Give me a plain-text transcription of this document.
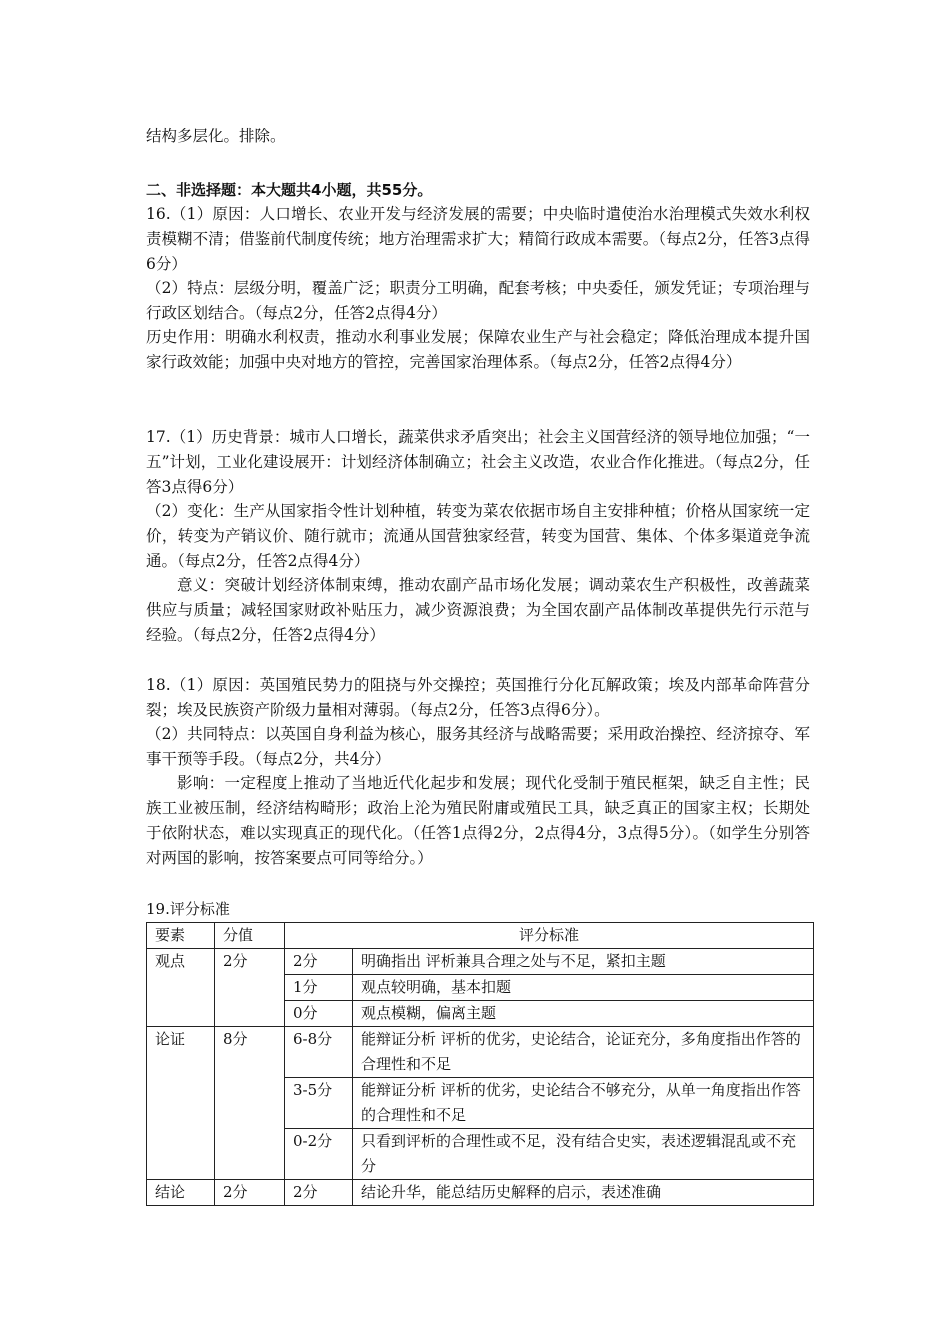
结构多层化。排除。

二、非选择题：本大题共4小题，共55分。

16.（1）原因：人口增长、农业开发与经济发展的需要；中央临时遣使治水治理模式失效水利权责模糊不清；借鉴前代制度传统；地方治理需求扩大；精简行政成本需要。（每点2分，任答3点得6分）

（2）特点：层级分明，覆盖广泛；职责分工明确，配套考核；中央委任，颁发凭证；专项治理与行政区划结合。（每点2分，任答2点得4分）

历史作用：明确水利权责，推动水利事业发展；保障农业生产与社会稳定；降低治理成本提升国家行政效能；加强中央对地方的管控，完善国家治理体系。（每点2分，任答2点得4分）

17.（1）历史背景：城市人口增长，蔬菜供求矛盾突出；社会主义国营经济的领导地位加强；“一五”计划，工业化建设展开：计划经济体制确立；社会主义改造，农业合作化推进。（每点2分，任答3点得6分）

（2）变化：生产从国家指令性计划种植，转变为菜农依据市场自主安排种植；价格从国家统一定价，转变为产销议价、随行就市；流通从国营独家经营，转变为国营、集体、个体多渠道竞争流通。（每点2分，任答2点得4分）

意义：突破计划经济体制束缚，推动农副产品市场化发展；调动菜农生产积极性，改善蔬菜供应与质量；减轻国家财政补贴压力，减少资源浪费；为全国农副产品体制改革提供先行示范与经验。（每点2分，任答2点得4分）

18.（1）原因：英国殖民势力的阻挠与外交操控；英国推行分化瓦解政策；埃及内部革命阵营分裂；埃及民族资产阶级力量相对薄弱。（每点2分，任答3点得6分）。

（2）共同特点：以英国自身利益为核心，服务其经济与战略需要；采用政治操控、经济掠夺、军事干预等手段。（每点2分，共4分）

影响：一定程度上推动了当地近代化起步和发展；现代化受制于殖民框架，缺乏自主性；民族工业被压制，经济结构畸形；政治上沦为殖民附庸或殖民工具，缺乏真正的国家主权；长期处于依附状态，难以实现真正的现代化。（任答1点得2分，2点得4分，3点得5分）。（如学生分别答对两国的影响，按答案要点可同等给分。）

19.评分标准
要素	分值	评分标准	
观点	2分	2分	明确指出 评析兼具合理之处与不足，紧扣主题
		1分	观点较明确，基本扣题
		0分	观点模糊，偏离主题
论证	8分	6-8分	能辩证分析 评析的优劣，史论结合，论证充分，多角度指出作答的合理性和不足
		3-5分	能辩证分析 评析的优劣，史论结合不够充分，从单一角度指出作答的合理性和不足
		0-2分	只看到评析的合理性或不足，没有结合史实，表述逻辑混乱或不充分
结论	2分	2分	结论升华，能总结历史解释的启示，表述准确
